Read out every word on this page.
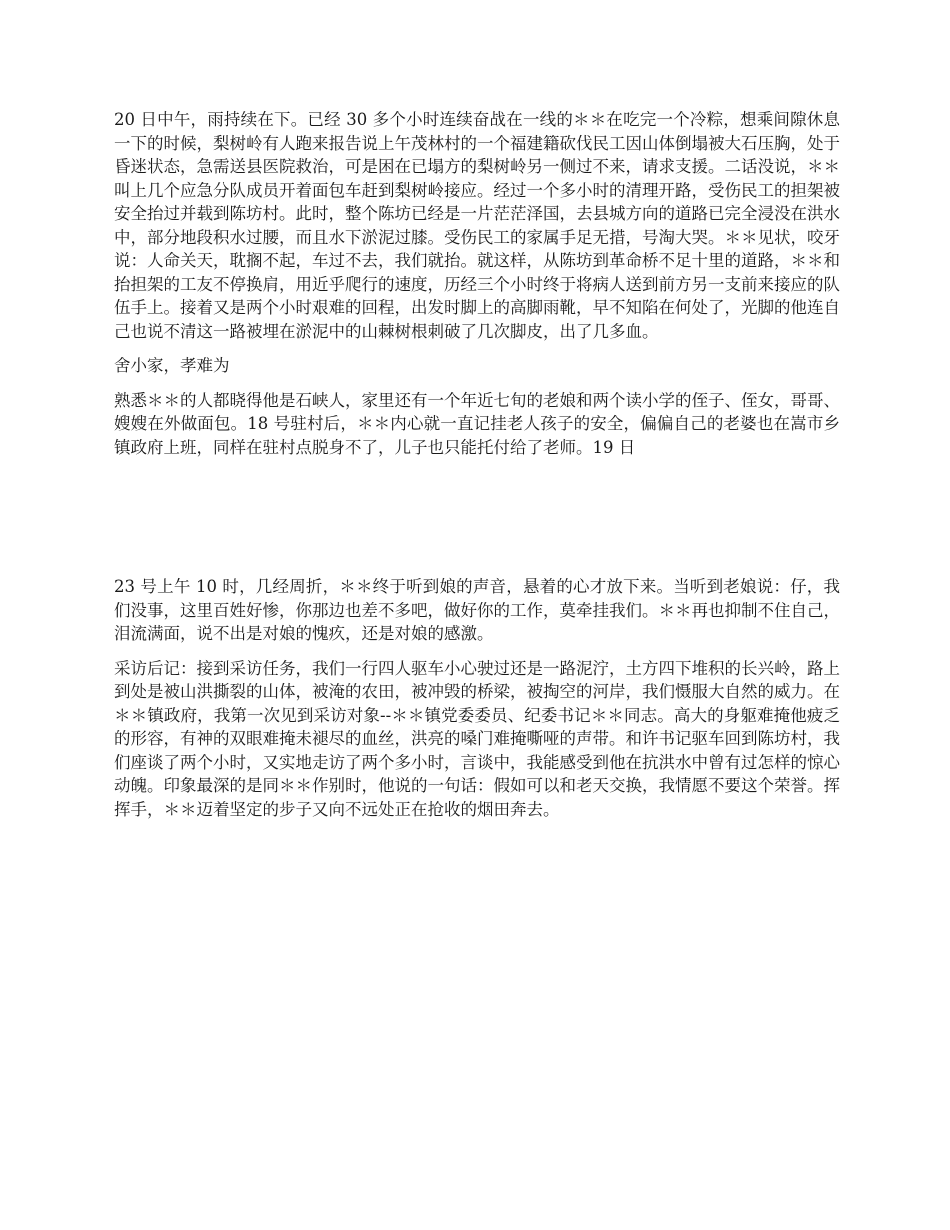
20 日中午，雨持续在下。已经 30 多个小时连续奋战在一线的＊＊在吃完一个冷粽，想乘间隙休息一下的时候，梨树岭有人跑来报告说上午茂林村的一个福建籍砍伐民工因山体倒塌被大石压胸，处于昏迷状态，急需送县医院救治，可是困在已塌方的梨树岭另一侧过不来，请求支援。二话没说，＊＊叫上几个应急分队成员开着面包车赶到梨树岭接应。经过一个多小时的清理开路，受伤民工的担架被安全抬过并载到陈坊村。此时，整个陈坊已经是一片茫茫泽国，去县城方向的道路已完全浸没在洪水中，部分地段积水过腰，而且水下淤泥过膝。受伤民工的家属手足无措，号淘大哭。＊＊见状，咬牙说：人命关天，耽搁不起，车过不去，我们就抬。就这样，从陈坊到革命桥不足十里的道路，＊＊和抬担架的工友不停换肩，用近乎爬行的速度，历经三个小时终于将病人送到前方另一支前来接应的队伍手上。接着又是两个小时艰难的回程，出发时脚上的高脚雨靴，早不知陷在何处了，光脚的他连自己也说不清这一路被埋在淤泥中的山棘树根刺破了几次脚皮，出了几多血。

舍小家，孝难为

熟悉＊＊的人都晓得他是石峡人，家里还有一个年近七旬的老娘和两个读小学的侄子、侄女，哥哥、嫂嫂在外做面包。18 号驻村后，＊＊内心就一直记挂老人孩子的安全，偏偏自己的老婆也在嵩市乡镇政府上班，同样在驻村点脱身不了，儿子也只能托付给了老师。19 日

23 号上午 10 时，几经周折，＊＊终于听到娘的声音，悬着的心才放下来。当听到老娘说：仔，我们没事，这里百姓好惨，你那边也差不多吧，做好你的工作，莫牵挂我们。＊＊再也抑制不住自己，泪流满面，说不出是对娘的愧疚，还是对娘的感激。

采访后记：接到采访任务，我们一行四人驱车小心驶过还是一路泥泞，土方四下堆积的长兴岭，路上到处是被山洪撕裂的山体，被淹的农田，被冲毁的桥梁，被掏空的河岸，我们慑服大自然的威力。在＊＊镇政府，我第一次见到采访对象--＊＊镇党委委员、纪委书记＊＊同志。高大的身躯难掩他疲乏的形容，有神的双眼难掩未褪尽的血丝，洪亮的嗓门难掩嘶哑的声带。和许书记驱车回到陈坊村，我们座谈了两个小时，又实地走访了两个多小时，言谈中，我能感受到他在抗洪水中曾有过怎样的惊心动魄。印象最深的是同＊＊作别时，他说的一句话：假如可以和老天交换，我情愿不要这个荣誉。挥挥手，＊＊迈着坚定的步子又向不远处正在抢收的烟田奔去。
